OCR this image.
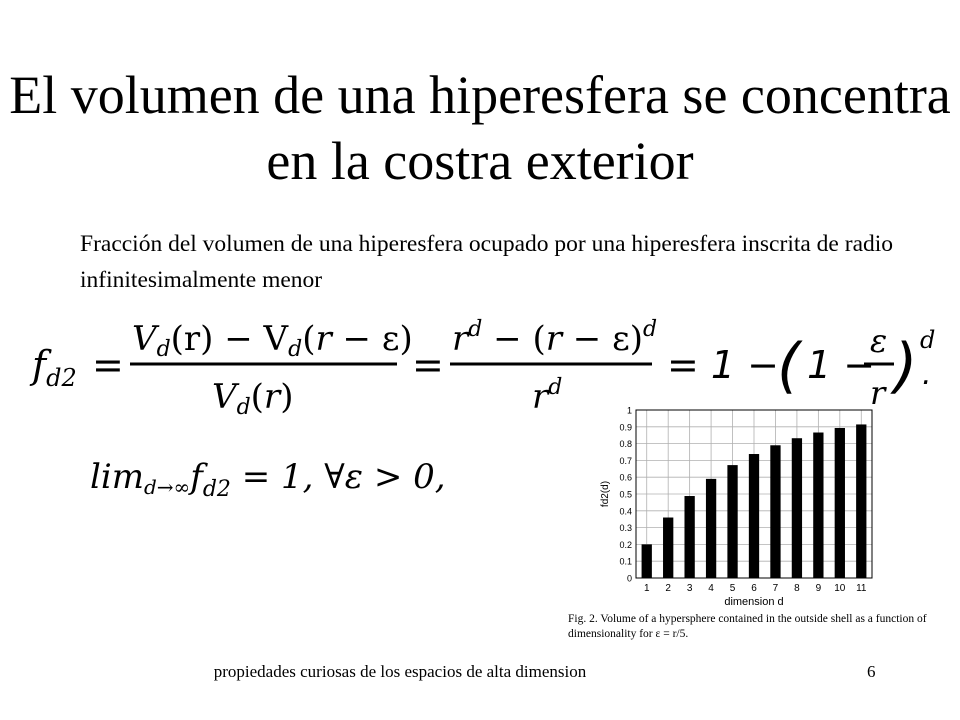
El volumen de una hiperesfera se concentra en la costra exterior
Fracción del volumen de una hiperesfera ocupado por una hiperesfera inscrita de radio infinitesimalmente menor
$f_{d2}$ =
Vd(r) − Vd(r − ε)
Vd(r)
=
$r^d - (r - \varepsilon)^d$
$r^d$
= 1 −
( 1 −
ε
r ) d
.
$\lim d\to\infty f_{d2} = 1$, ∀ε > 0,
0
0.1
0.2
0.3
0.4
0.5
0.6
0.7
0.8
0.9
1
1 2 3 4 5 6 7 8 9 10 11
dimension d
fd2(d)
Fig. 2. Volume of a hypersphere contained in the outside shell as a function of dimensionality for ε = r/5.
propiedades curiosas de los espacios de alta dimension	6
